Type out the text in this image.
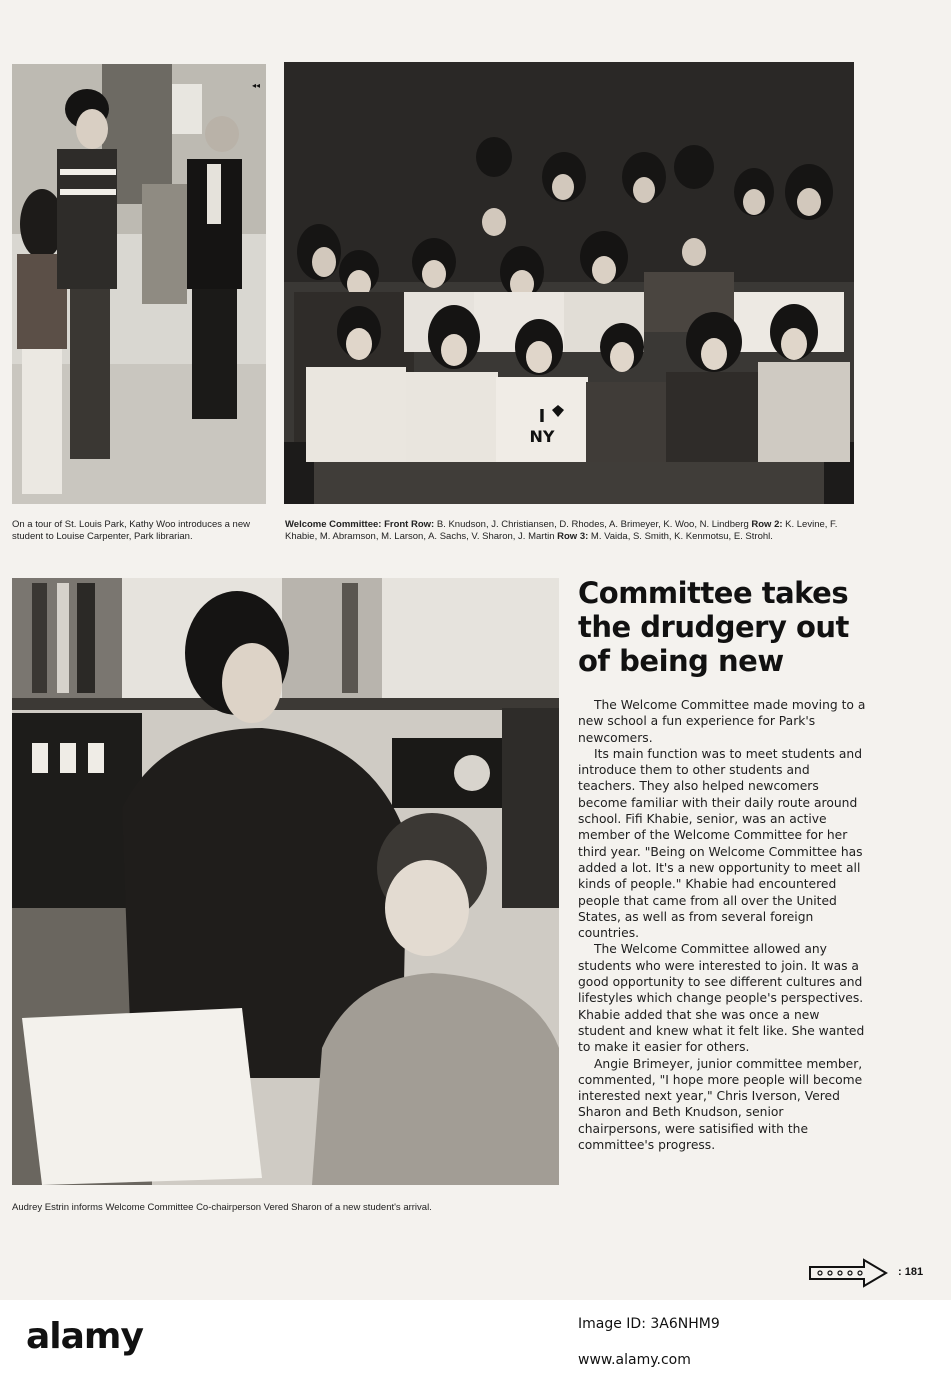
◂◂
On a tour of St. Louis Park, Kathy Woo introduces a new student to Louise Carpenter, Park librarian.
I
NY
Welcome Committee: Front Row: B. Knudson, J. Christiansen, D. Rhodes, A. Brimeyer, K. Woo, N. Lindberg Row 2: K. Levine, F. Khabie, M. Abramson, M. Larson, A. Sachs, V. Sharon, J. Martin Row 3: M. Vaida, S. Smith, K. Kenmotsu, E. Strohl.
Audrey Estrin informs Welcome Committee Co-chairperson Vered Sharon of a new student's arrival.
Committee takes the drudgery out of being new

The Welcome Committee made moving to a new school a fun experience for Park's newcomers.

Its main function was to meet students and introduce them to other students and teachers. They also helped newcomers become familiar with their daily route around school. Fifi Khabie, senior, was an active member of the Welcome Committee for her third year. "Being on Welcome Committee has added a lot. It's a new opportunity to meet all kinds of people." Khabie had encountered people that came from all over the United States, as well as from several foreign countries.

The Welcome Committee allowed any students who were interested to join. It was a good opportunity to see different cultures and lifestyles which change people's perspectives. Khabie added that she was once a new student and knew what it felt like. She wanted to make it easier for others.

Angie Brimeyer, junior committee member, commented, "I hope more people will become interested next year," Chris Iverson, Vered Sharon and Beth Knudson, senior chairpersons, were satisified with the committee's progress.

: 181
alamy	Image ID: 3A6NHM9
www.alamy.com
